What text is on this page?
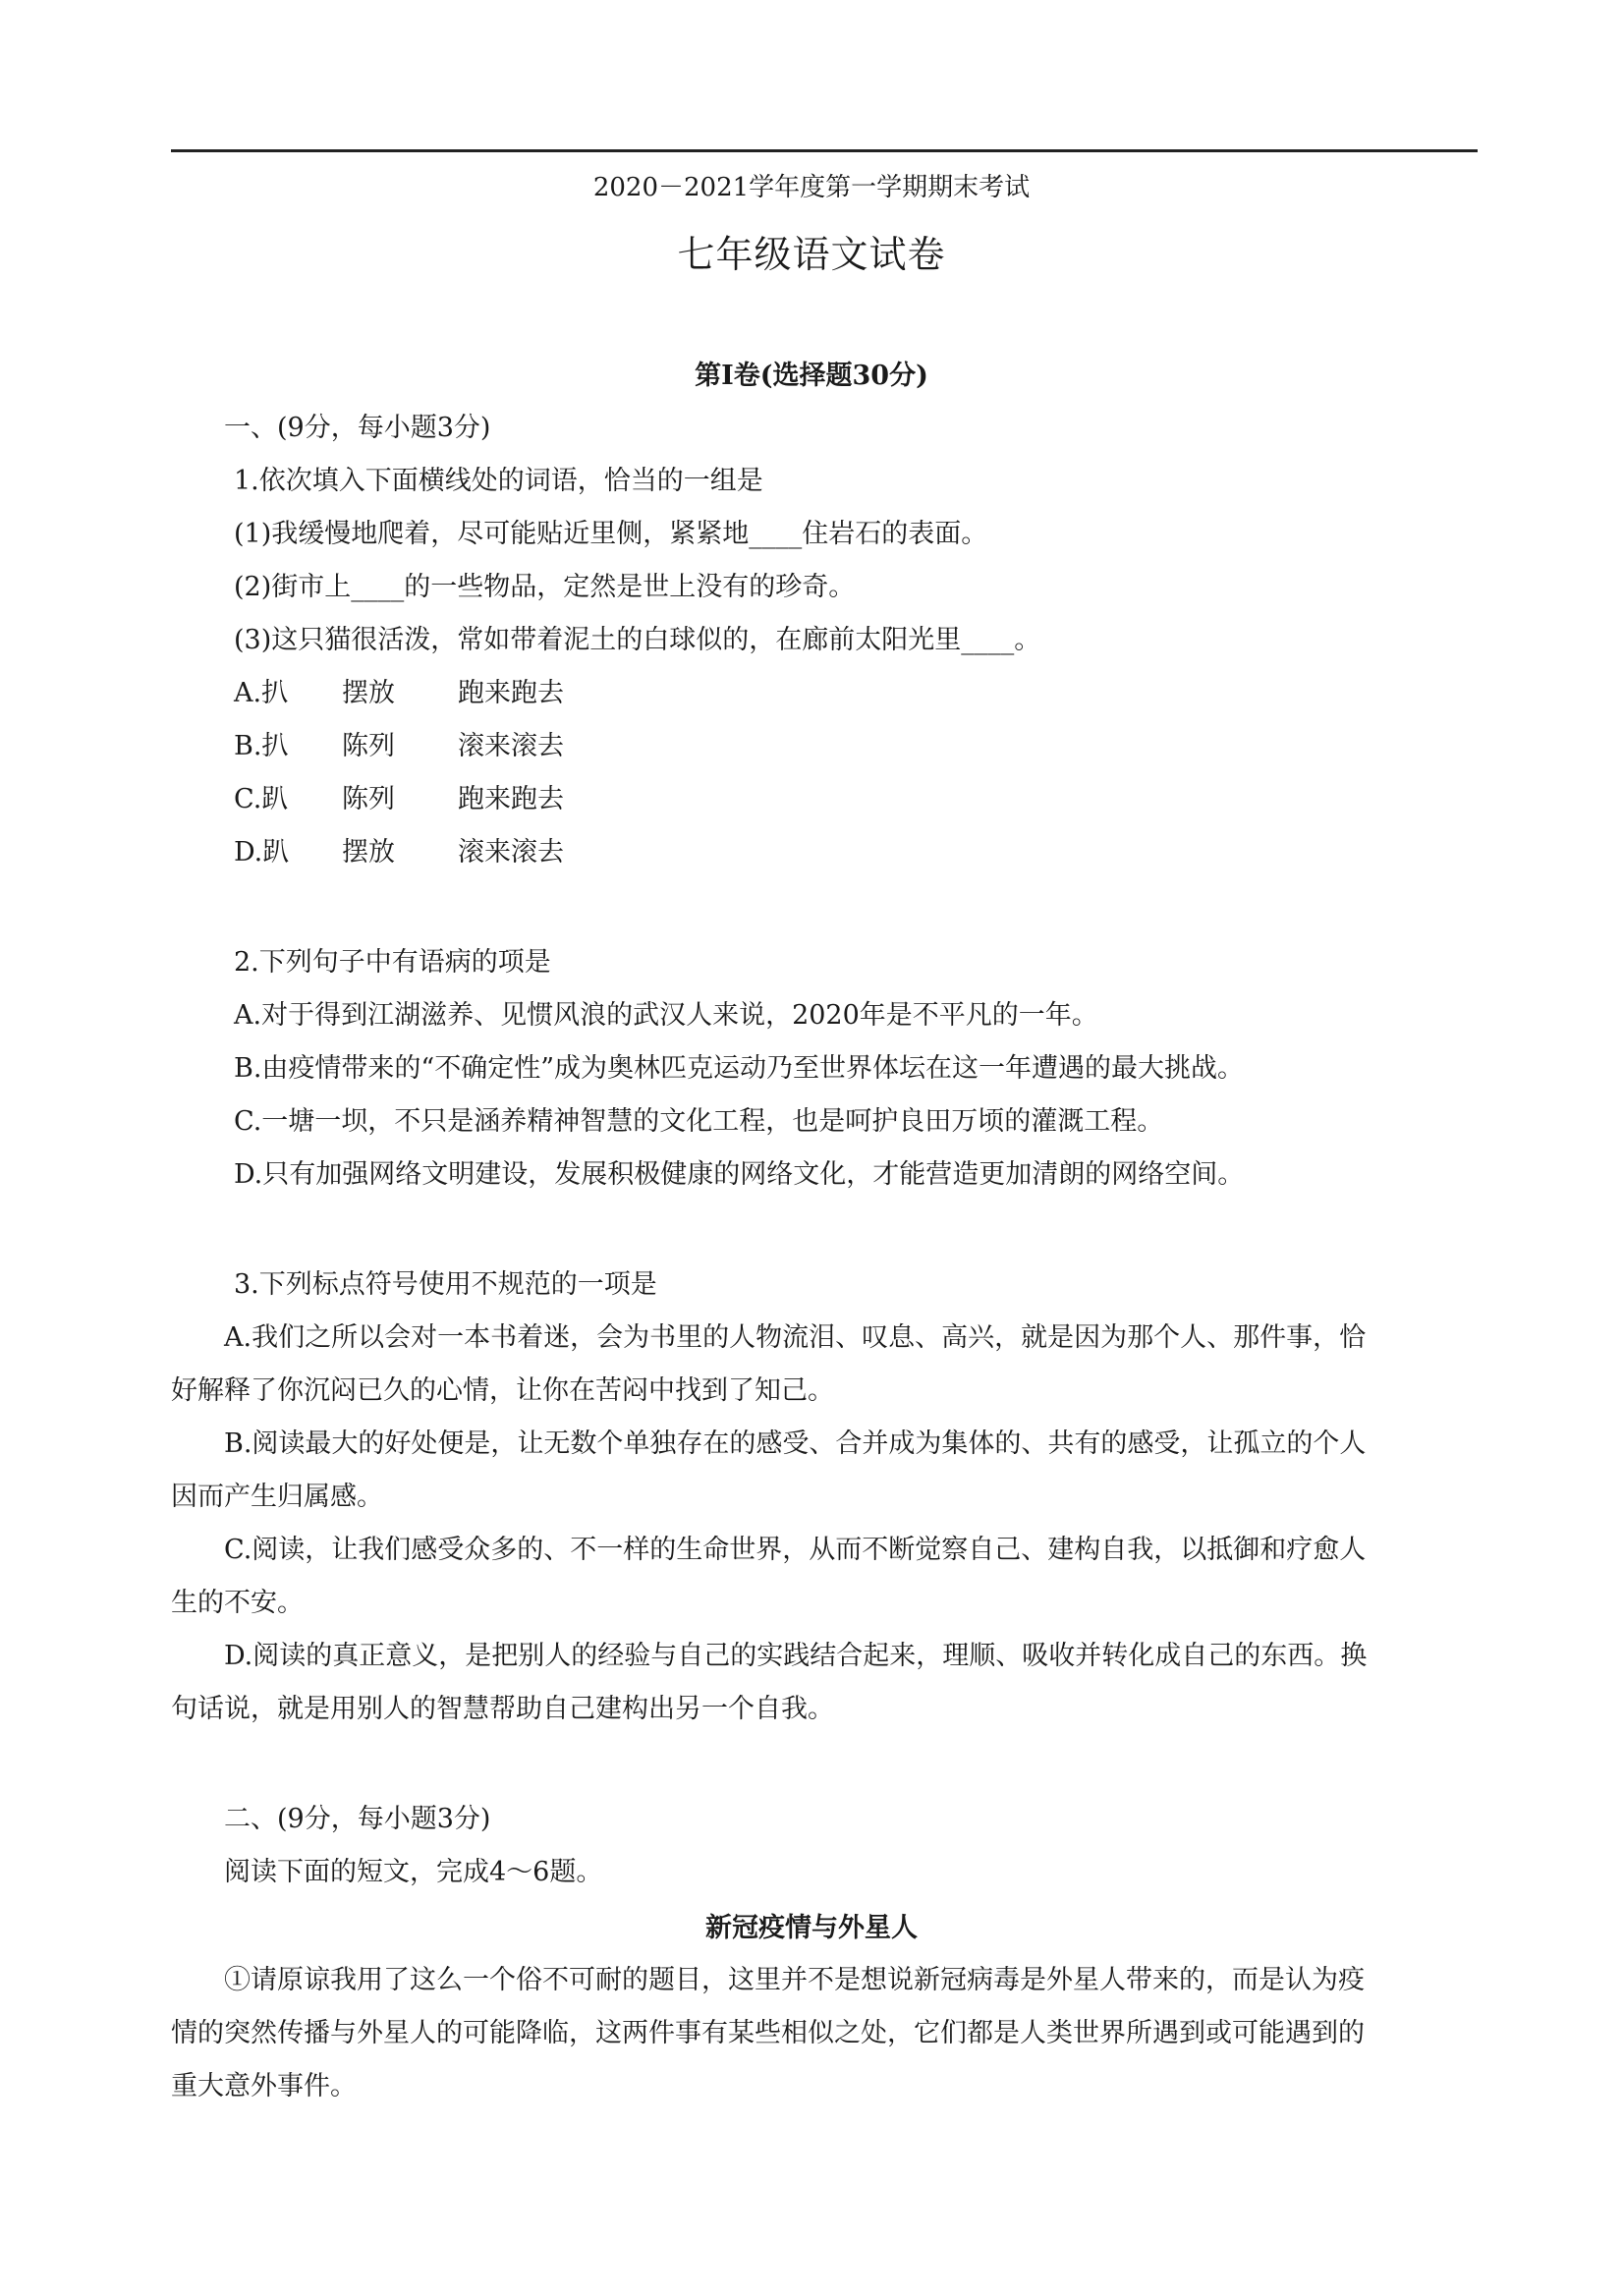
2020－2021学年度第一学期期末考试
七年级语文试卷
第Ⅰ卷(选择题30分)
一、(9分，每小题3分)
1.依次填入下面横线处的词语，恰当的一组是
(1)我缓慢地爬着，尽可能贴近里侧，紧紧地____住岩石的表面。
(2)街市上____的一些物品，定然是世上没有的珍奇。
(3)这只猫很活泼，常如带着泥土的白球似的，在廊前太阳光里____。
A.扒 摆放 跑来跑去
B.扒 陈列 滚来滚去
C.趴 陈列 跑来跑去
D.趴 摆放 滚来滚去
2.下列句子中有语病的项是
A.对于得到江湖滋养、见惯风浪的武汉人来说，2020年是不平凡的一年。
B.由疫情带来的“不确定性”成为奥林匹克运动乃至世界体坛在这一年遭遇的最大挑战。
C.一塘一坝，不只是涵养精神智慧的文化工程，也是呵护良田万顷的灌溉工程。
D.只有加强网络文明建设，发展积极健康的网络文化，才能营造更加清朗的网络空间。
3.下列标点符号使用不规范的一项是
A.我们之所以会对一本书着迷，会为书里的人物流泪、叹息、高兴，就是因为那个人、那件事，恰
好解释了你沉闷已久的心情，让你在苦闷中找到了知己。
B.阅读最大的好处便是，让无数个单独存在的感受、合并成为集体的、共有的感受，让孤立的个人
因而产生归属感。
C.阅读，让我们感受众多的、不一样的生命世界，从而不断觉察自己、建构自我，以抵御和疗愈人
生的不安。
D.阅读的真正意义，是把别人的经验与自己的实践结合起来，理顺、吸收并转化成自己的东西。换
句话说，就是用别人的智慧帮助自己建构出另一个自我。
二、(9分，每小题3分)
阅读下面的短文，完成4～6题。
新冠疫情与外星人
①请原谅我用了这么一个俗不可耐的题目，这里并不是想说新冠病毒是外星人带来的，而是认为疫
情的突然传播与外星人的可能降临，这两件事有某些相似之处，它们都是人类世界所遇到或可能遇到的
重大意外事件。
